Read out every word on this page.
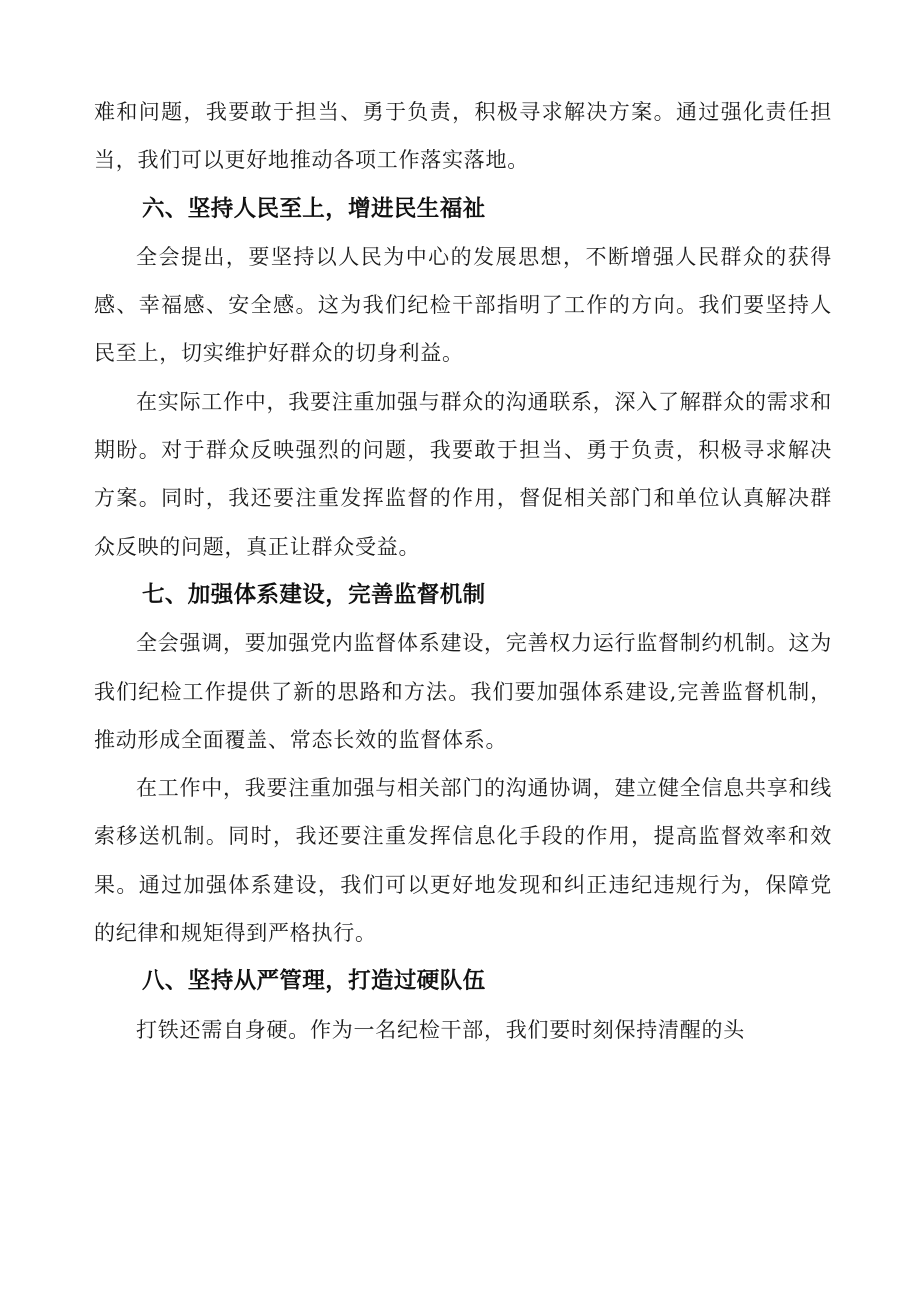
难和问题，我要敢于担当、勇于负责，积极寻求解决方案。通过强化责任担当，我们可以更好地推动各项工作落实落地。

六、坚持人民至上，增进民生福祉

全会提出，要坚持以人民为中心的发展思想，不断增强人民群众的获得感、幸福感、安全感。这为我们纪检干部指明了工作的方向。我们要坚持人民至上，切实维护好群众的切身利益。

在实际工作中，我要注重加强与群众的沟通联系，深入了解群众的需求和期盼。对于群众反映强烈的问题，我要敢于担当、勇于负责，积极寻求解决方案。同时，我还要注重发挥监督的作用，督促相关部门和单位认真解决群众反映的问题，真正让群众受益。

七、加强体系建设，完善监督机制

全会强调，要加强党内监督体系建设，完善权力运行监督制约机制。这为我们纪检工作提供了新的思路和方法。我们要加强体系建设,完善监督机制，推动形成全面覆盖、常态长效的监督体系。

在工作中，我要注重加强与相关部门的沟通协调，建立健全信息共享和线索移送机制。同时，我还要注重发挥信息化手段的作用，提高监督效率和效果。通过加强体系建设，我们可以更好地发现和纠正违纪违规行为，保障党的纪律和规矩得到严格执行。

八、坚持从严管理，打造过硬队伍

打铁还需自身硬。作为一名纪检干部，我们要时刻保持清醒的头
